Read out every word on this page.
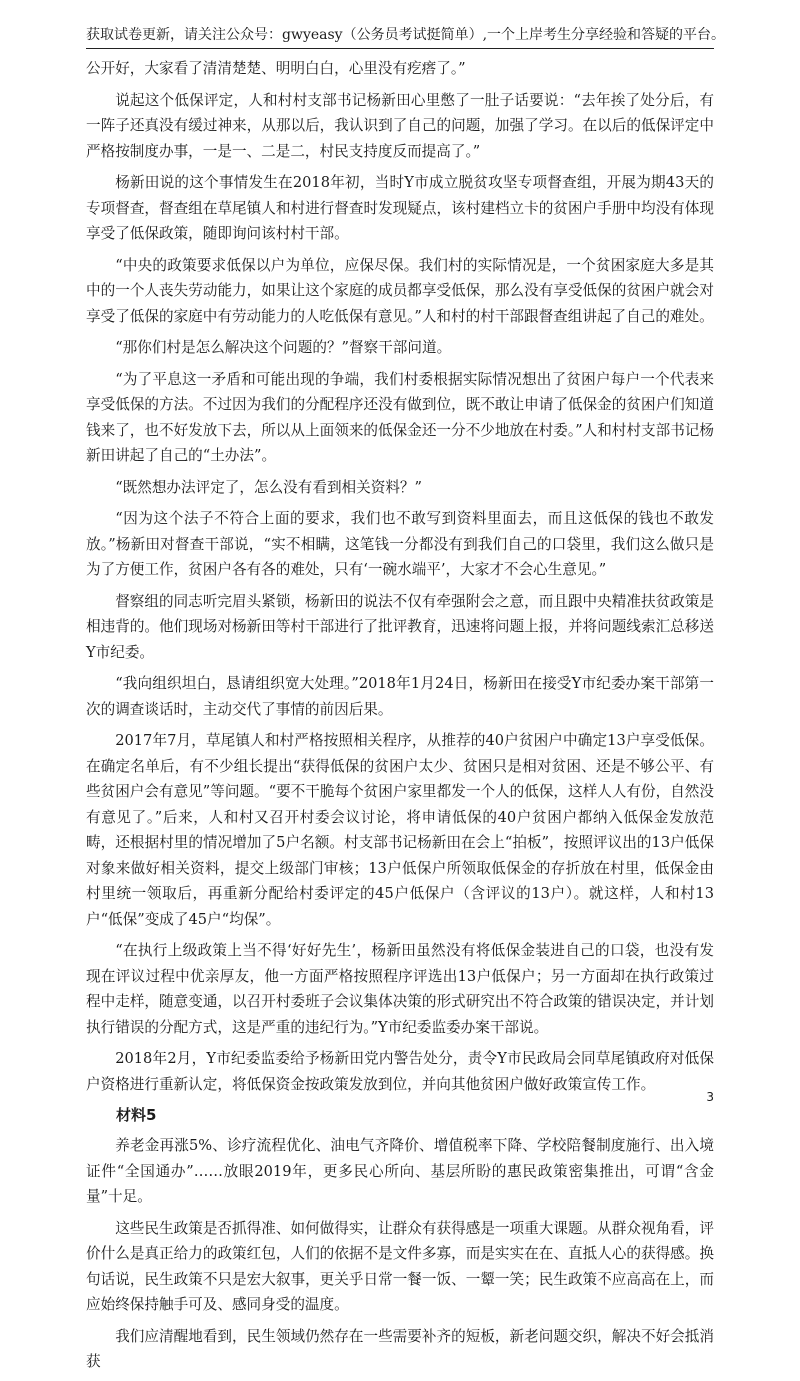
获取试卷更新，请关注公众号：gwyeasy（公务员考试挺简单）,一个上岸考生分享经验和答疑的平台。

公开好，大家看了清清楚楚、明明白白，心里没有疙瘩了。”

说起这个低保评定，人和村村支部书记杨新田心里憋了一肚子话要说：“去年挨了处分后，有一阵子还真没有缓过神来，从那以后，我认识到了自己的问题，加强了学习。在以后的低保评定中严格按制度办事，一是一、二是二，村民支持度反而提高了。”

杨新田说的这个事情发生在2018年初，当时Y市成立脱贫攻坚专项督查组，开展为期43天的专项督查，督查组在草尾镇人和村进行督查时发现疑点，该村建档立卡的贫困户手册中均没有体现享受了低保政策，随即询问该村村干部。

“中央的政策要求低保以户为单位，应保尽保。我们村的实际情况是，一个贫困家庭大多是其中的一个人丧失劳动能力，如果让这个家庭的成员都享受低保，那么没有享受低保的贫困户就会对享受了低保的家庭中有劳动能力的人吃低保有意见。”人和村的村干部跟督查组讲起了自己的难处。

“那你们村是怎么解决这个问题的？”督察干部问道。

“为了平息这一矛盾和可能出现的争端，我们村委根据实际情况想出了贫困户每户一个代表来享受低保的方法。不过因为我们的分配程序还没有做到位，既不敢让申请了低保金的贫困户们知道钱来了，也不好发放下去，所以从上面领来的低保金还一分不少地放在村委。”人和村村支部书记杨新田讲起了自己的“土办法”。

“既然想办法评定了，怎么没有看到相关资料？”

“因为这个法子不符合上面的要求，我们也不敢写到资料里面去，而且这低保的钱也不敢发放。”杨新田对督查干部说，“实不相瞒，这笔钱一分都没有到我们自己的口袋里，我们这么做只是为了方便工作，贫困户各有各的难处，只有‘一碗水端平’，大家才不会心生意见。”

督察组的同志听完眉头紧锁，杨新田的说法不仅有牵强附会之意，而且跟中央精准扶贫政策是相违背的。他们现场对杨新田等村干部进行了批评教育，迅速将问题上报，并将问题线索汇总移送Y市纪委。

“我向组织坦白，恳请组织宽大处理。”2018年1月24日，杨新田在接受Y市纪委办案干部第一次的调查谈话时，主动交代了事情的前因后果。

2017年7月，草尾镇人和村严格按照相关程序，从推荐的40户贫困户中确定13户享受低保。在确定名单后，有不少组长提出“获得低保的贫困户太少、贫困只是相对贫困、还是不够公平、有些贫困户会有意见”等问题。“要不干脆每个贫困户家里都发一个人的低保，这样人人有份，自然没有意见了。”后来，人和村又召开村委会议讨论，将申请低保的40户贫困户都纳入低保金发放范畴，还根据村里的情况增加了5户名额。村支部书记杨新田在会上“拍板”，按照评议出的13户低保对象来做好相关资料，提交上级部门审核；13户低保户所领取低保金的存折放在村里，低保金由村里统一领取后，再重新分配给村委评定的45户低保户（含评议的13户）。就这样，人和村13户“低保”变成了45户“均保”。

“在执行上级政策上当不得‘好好先生’，杨新田虽然没有将低保金装进自己的口袋，也没有发现在评议过程中优亲厚友，他一方面严格按照程序评选出13户低保户；另一方面却在执行政策过程中走样，随意变通，以召开村委班子会议集体决策的形式研究出不符合政策的错误决定，并计划执行错误的分配方式，这是严重的违纪行为。”Y市纪委监委办案干部说。

2018年2月，Y市纪委监委给予杨新田党内警告处分，责令Y市民政局会同草尾镇政府对低保户资格进行重新认定，将低保资金按政策发放到位，并向其他贫困户做好政策宣传工作。

材料5

养老金再涨5%、诊疗流程优化、油电气齐降价、增值税率下降、学校陪餐制度施行、出入境证件“全国通办”……放眼2019年，更多民心所向、基层所盼的惠民政策密集推出，可谓“含金量”十足。

这些民生政策是否抓得准、如何做得实，让群众有获得感是一项重大课题。从群众视角看，评价什么是真正给力的政策红包，人们的依据不是文件多寡，而是实实在在、直抵人心的获得感。换句话说，民生政策不只是宏大叙事，更关乎日常一餐一饭、一颦一笑；民生政策不应高高在上，而应始终保持触手可及、感同身受的温度。

我们应清醒地看到，民生领域仍然存在一些需要补齐的短板，新老问题交织，解决不好会抵消获

3
